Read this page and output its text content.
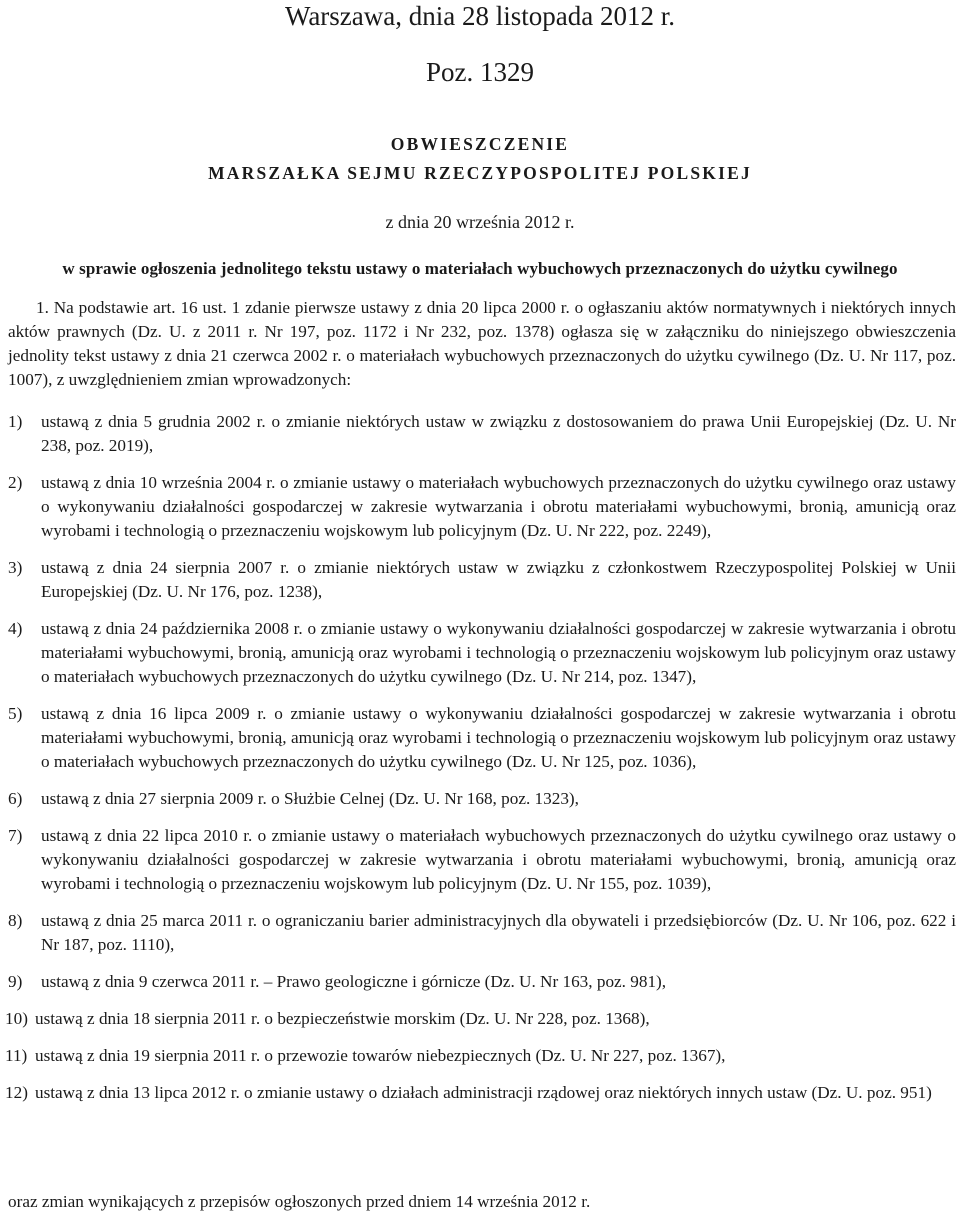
Warszawa, dnia 28 listopada 2012 r.
Poz. 1329
OBWIESZCZENIE
MARSZAŁKA SEJMU RZECZYPOSPOLITEJ POLSKIEJ
z dnia 20 września 2012 r.
w sprawie ogłoszenia jednolitego tekstu ustawy o materiałach wybuchowych przeznaczonych do użytku cywilnego

1. Na podstawie art. 16 ust. 1 zdanie pierwsze ustawy z dnia 20 lipca 2000 r. o ogłaszaniu aktów normatywnych i niektórych innych aktów prawnych (Dz. U. z 2011 r. Nr 197, poz. 1172 i Nr 232, poz. 1378) ogłasza się w załączniku do niniejszego obwieszczenia jednolity tekst ustawy z dnia 21 czerwca 2002 r. o materiałach wybuchowych przeznaczonych do użytku cywilnego (Dz. U. Nr 117, poz. 1007), z uwzględnieniem zmian wprowadzonych:

1)	ustawą z dnia 5 grudnia 2002 r. o zmianie niektórych ustaw w związku z dostosowaniem do prawa Unii Europejskiej (Dz. U. Nr 238, poz. 2019),
2)	ustawą z dnia 10 września 2004 r. o zmianie ustawy o materiałach wybuchowych przeznaczonych do użytku cywilnego oraz ustawy o wykonywaniu działalności gospodarczej w zakresie wytwarzania i obrotu materiałami wybuchowymi, bronią, amunicją oraz wyrobami i technologią o przeznaczeniu wojskowym lub policyjnym (Dz. U. Nr 222, poz. 2249),
3)	ustawą z dnia 24 sierpnia 2007 r. o zmianie niektórych ustaw w związku z członkostwem Rzeczypospolitej Polskiej w Unii Europejskiej (Dz. U. Nr 176, poz. 1238),
4)	ustawą z dnia 24 października 2008 r. o zmianie ustawy o wykonywaniu działalności gospodarczej w zakresie wytwarzania i obrotu materiałami wybuchowymi, bronią, amunicją oraz wyrobami i technologią o przeznaczeniu wojskowym lub policyjnym oraz ustawy o materiałach wybuchowych przeznaczonych do użytku cywilnego (Dz. U. Nr 214, poz. 1347),
5)	ustawą z dnia 16 lipca 2009 r. o zmianie ustawy o wykonywaniu działalności gospodarczej w zakresie wytwarzania i obrotu materiałami wybuchowymi, bronią, amunicją oraz wyrobami i technologią o przeznaczeniu wojskowym lub policyjnym oraz ustawy o materiałach wybuchowych przeznaczonych do użytku cywilnego (Dz. U. Nr 125, poz. 1036),
6)	ustawą z dnia 27 sierpnia 2009 r. o Służbie Celnej (Dz. U. Nr 168, poz. 1323),
7)	ustawą z dnia 22 lipca 2010 r. o zmianie ustawy o materiałach wybuchowych przeznaczonych do użytku cywilnego oraz ustawy o wykonywaniu działalności gospodarczej w zakresie wytwarzania i obrotu materiałami wybuchowymi, bronią, amunicją oraz wyrobami i technologią o przeznaczeniu wojskowym lub policyjnym (Dz. U. Nr 155, poz. 1039),
8)	ustawą z dnia 25 marca 2011 r. o ograniczaniu barier administracyjnych dla obywateli i przedsiębiorców (Dz. U. Nr 106, poz. 622 i Nr 187, poz. 1110),
9)	ustawą z dnia 9 czerwca 2011 r. – Prawo geologiczne i górnicze (Dz. U. Nr 163, poz. 981),
10) ustawą z dnia 18 sierpnia 2011 r. o bezpieczeństwie morskim (Dz. U. Nr 228, poz. 1368),
11) ustawą z dnia 19 sierpnia 2011 r. o przewozie towarów niebezpiecznych (Dz. U. Nr 227, poz. 1367),
12) ustawą z dnia 13 lipca 2012 r. o zmianie ustawy o działach administracji rządowej oraz niektórych innych ustaw (Dz. U. poz. 951)
oraz zmian wynikających z przepisów ogłoszonych przed dniem 14 września 2012 r.
